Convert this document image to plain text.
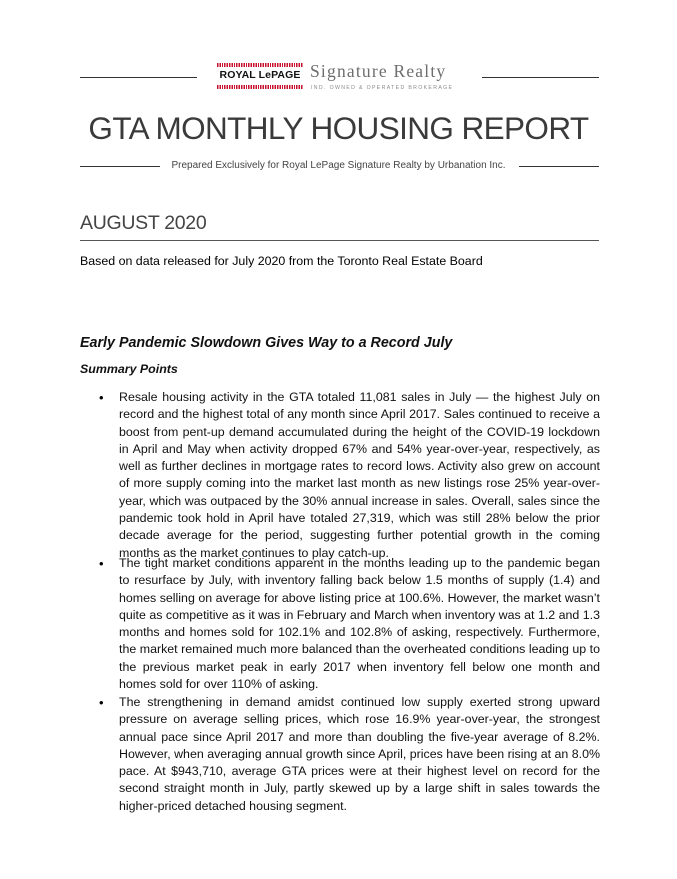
ROYAL LePAGE Signature Realty
IND. OWNED & OPERATED BROKERAGE
GTA MONTHLY HOUSING REPORT
Prepared Exclusively for Royal LePage Signature Realty by Urbanation Inc.
AUGUST 2020
Based on data released for July 2020 from the Toronto Real Estate Board
Early Pandemic Slowdown Gives Way to a Record July
Summary Points
• Resale housing activity in the GTA totaled 11,081 sales in July — the highest July on record and the highest total of any month since April 2017. Sales continued to receive a boost from pent-up demand accumulated during the height of the COVID-19 lockdown in April and May when activity dropped 67% and 54% year-over-year, respectively, as well as further declines in mortgage rates to record lows. Activity also grew on account of more supply coming into the market last month as new listings rose 25% year-over-year, which was outpaced by the 30% annual increase in sales. Overall, sales since the pandemic took hold in April have totaled 27,319, which was still 28% below the prior decade average for the period, suggesting further potential growth in the coming months as the market continues to play catch-up.
• The tight market conditions apparent in the months leading up to the pandemic began to resurface by July, with inventory falling back below 1.5 months of supply (1.4) and homes selling on average for above listing price at 100.6%. However, the market wasn’t quite as competitive as it was in February and March when inventory was at 1.2 and 1.3 months and homes sold for 102.1% and 102.8% of asking, respectively. Furthermore, the market remained much more balanced than the overheated conditions leading up to the previous market peak in early 2017 when inventory fell below one month and homes sold for over 110% of asking.
• The strengthening in demand amidst continued low supply exerted strong upward pressure on average selling prices, which rose 16.9% year-over-year, the strongest annual pace since April 2017 and more than doubling the five-year average of 8.2%. However, when averaging annual growth since April, prices have been rising at an 8.0% pace. At $943,710, average GTA prices were at their highest level on record for the second straight month in July, partly skewed up by a large shift in sales towards the higher-priced detached housing segment.
